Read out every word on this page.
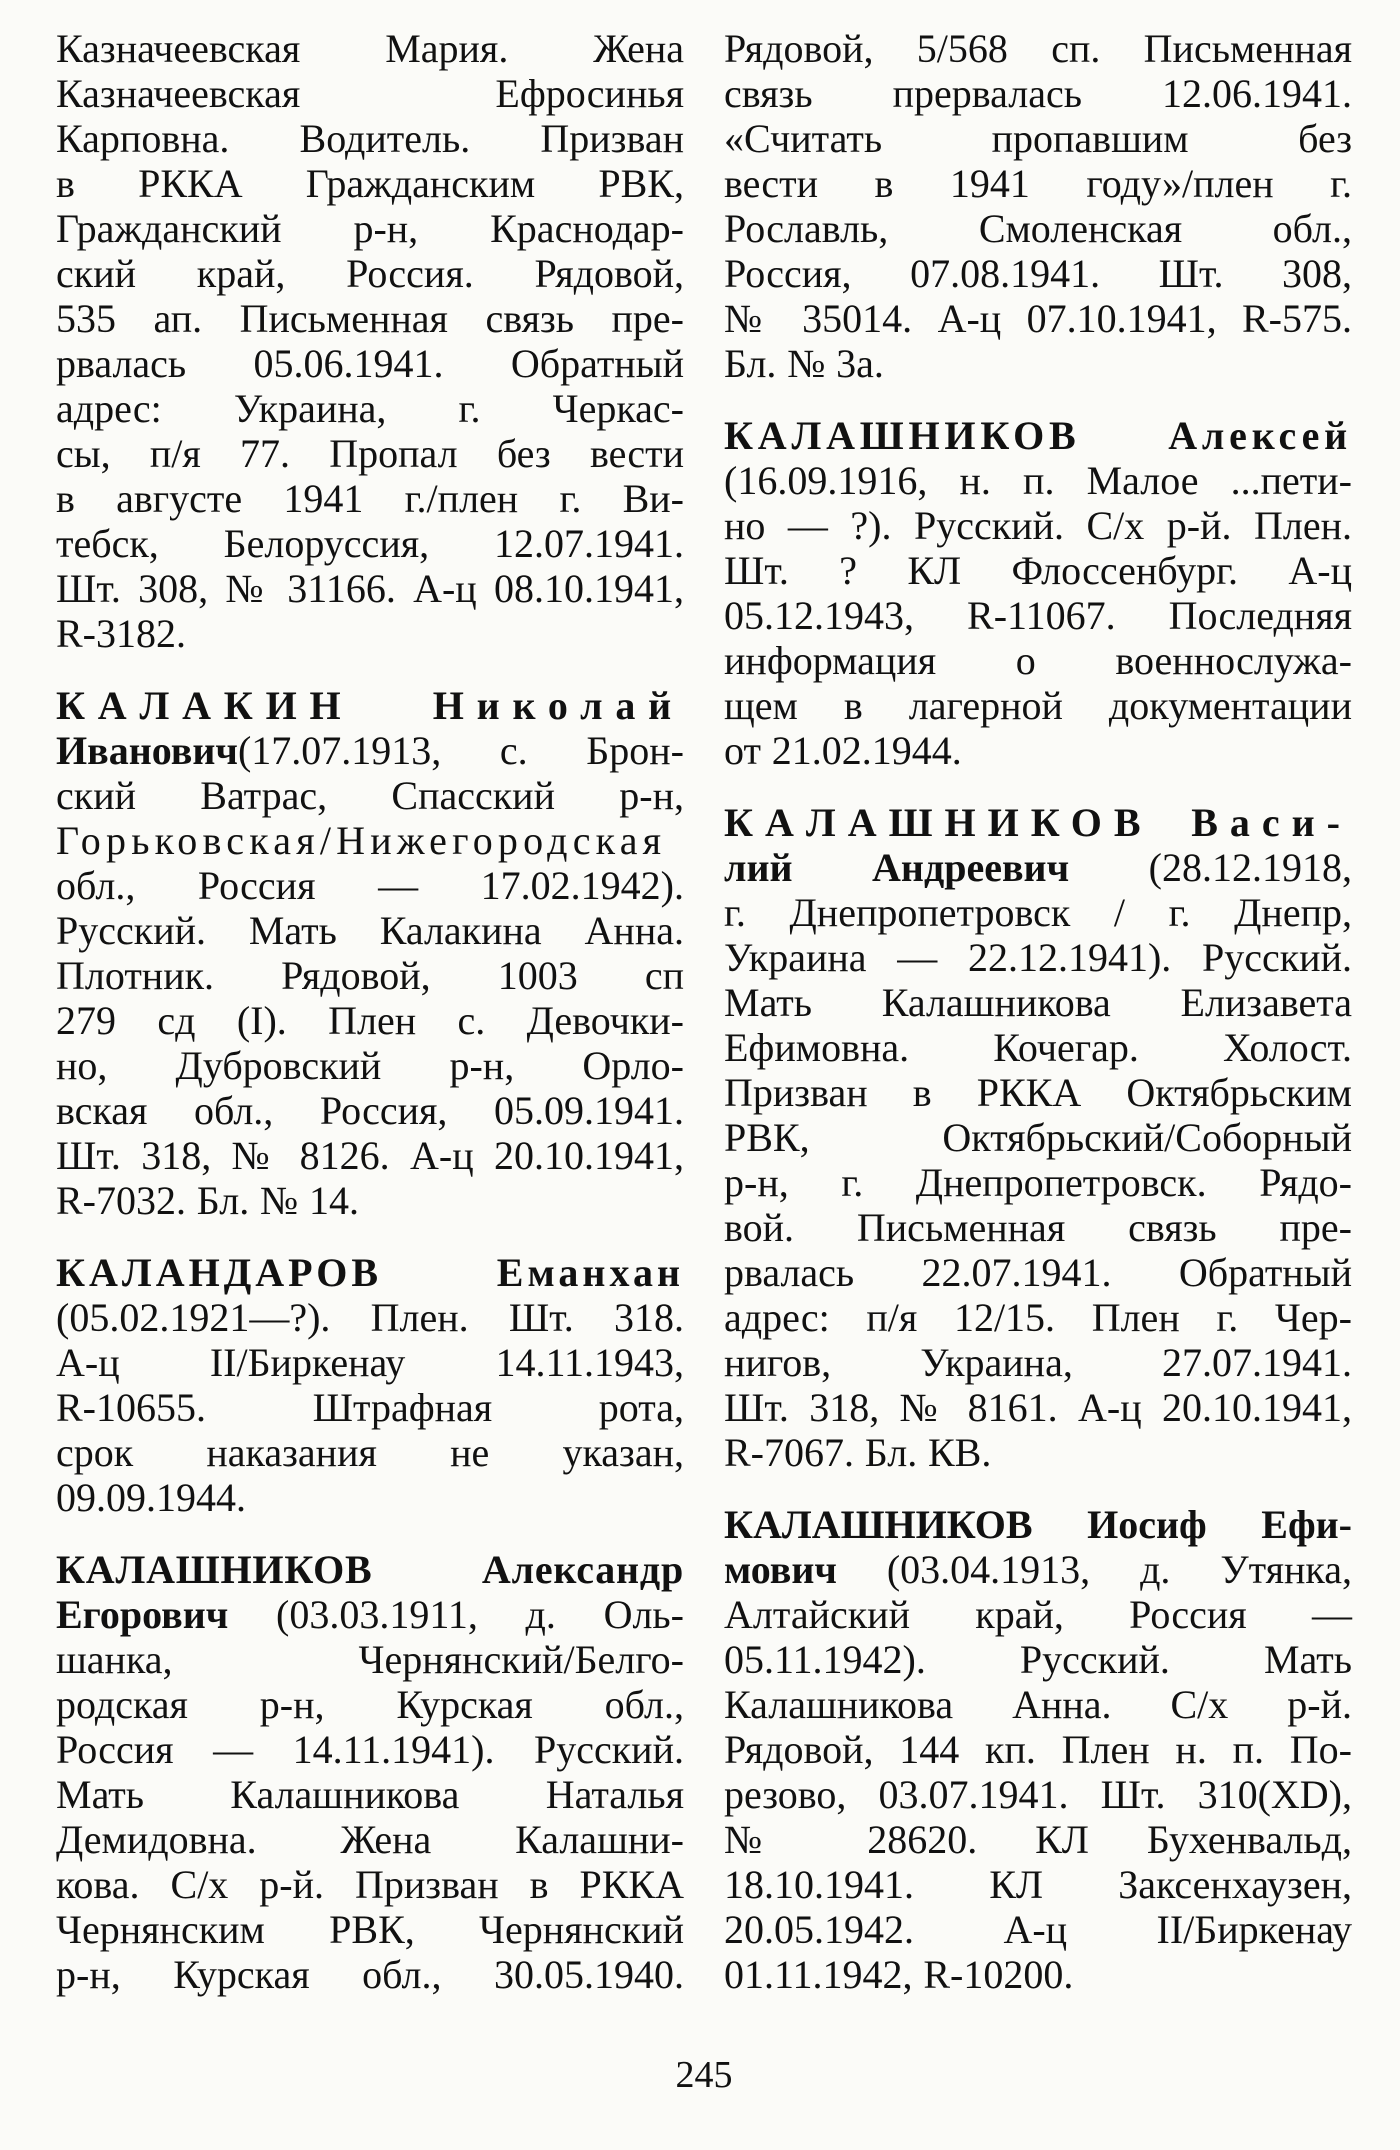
Казначеевская Мария. Жена
Казначеевская Ефросинья
Карповна. Водитель. Призван
в РККА Гражданским РВК,
Гражданский р-н, Краснодар-
ский край, Россия. Рядовой,
535 ап. Письменная связь пре-
рвалась 05.06.1941. Обратный
адрес: Украина, г. Черкас-
сы, п/я 77. Пропал без вести
в августе 1941 г./плен г. Ви-
тебск, Белоруссия, 12.07.1941.
Шт. 308, № 31166. А-ц 08.10.1941,
R-3182.
КАЛАКИН Николай
Иванович(17.07.1913, с. Брон-
ский Ватрас, Спасский р-н,
Горьковская/Нижегородская
обл., Россия — 17.02.1942).
Русский. Мать Калакина Анна.
Плотник. Рядовой, 1003 сп
279 сд (I). Плен с. Девочки-
но, Дубровский р-н, Орло-
вская обл., Россия, 05.09.1941.
Шт. 318, № 8126. А-ц 20.10.1941,
R-7032. Бл. № 14.
КАЛАНДАРОВ Еманхан
(05.02.1921—?). Плен. Шт. 318.
А-ц II/Биркенау 14.11.1943,
R-10655. Штрафная рота,
срок наказания не указан,
09.09.1944.
КАЛАШНИКОВ Александр
Егорович (03.03.1911, д. Оль-
шанка, Чернянский/Белго-
родская р-н, Курская обл.,
Россия — 14.11.1941). Русский.
Мать Калашникова Наталья
Демидовна. Жена Калашни-
кова. С/х р-й. Призван в РККА
Чернянским РВК, Чернянский
р-н, Курская обл., 30.05.1940.
Рядовой, 5/568 сп. Письменная
связь прервалась 12.06.1941.
«Считать пропавшим без
вести в 1941 году»/плен г.
Рославль, Смоленская обл.,
Россия, 07.08.1941. Шт. 308,
№ 35014. А-ц 07.10.1941, R-575.
Бл. № 3а.
КАЛАШНИКОВ Алексей
(16.09.1916, н. п. Малое ...пети-
но — ?). Русский. С/х р-й. Плен.
Шт. ? КЛ Флоссенбург. А-ц
05.12.1943, R-11067. Последняя
информация о военнослужа-
щем в лагерной документации
от 21.02.1944.
КАЛАШНИКОВ Васи-
лий Андреевич (28.12.1918,
г. Днепропетровск / г. Днепр,
Украина — 22.12.1941). Русский.
Мать Калашникова Елизавета
Ефимовна. Кочегар. Холост.
Призван в РККА Октябрьским
РВК, Октябрьский/Соборный
р-н, г. Днепропетровск. Рядо-
вой. Письменная связь пре-
рвалась 22.07.1941. Обратный
адрес: п/я 12/15. Плен г. Чер-
нигов, Украина, 27.07.1941.
Шт. 318, № 8161. А-ц 20.10.1941,
R-7067. Бл. КВ.
КАЛАШНИКОВ Иосиф Ефи-
мович (03.04.1913, д. Утянка,
Алтайский край, Россия —
05.11.1942). Русский. Мать
Калашникова Анна. С/х р-й.
Рядовой, 144 кп. Плен н. п. По-
резово, 03.07.1941. Шт. 310(XD),
№ 28620. КЛ Бухенвальд,
18.10.1941. КЛ Заксенхаузен,
20.05.1942. А-ц II/Биркенау
01.11.1942, R-10200.
245
